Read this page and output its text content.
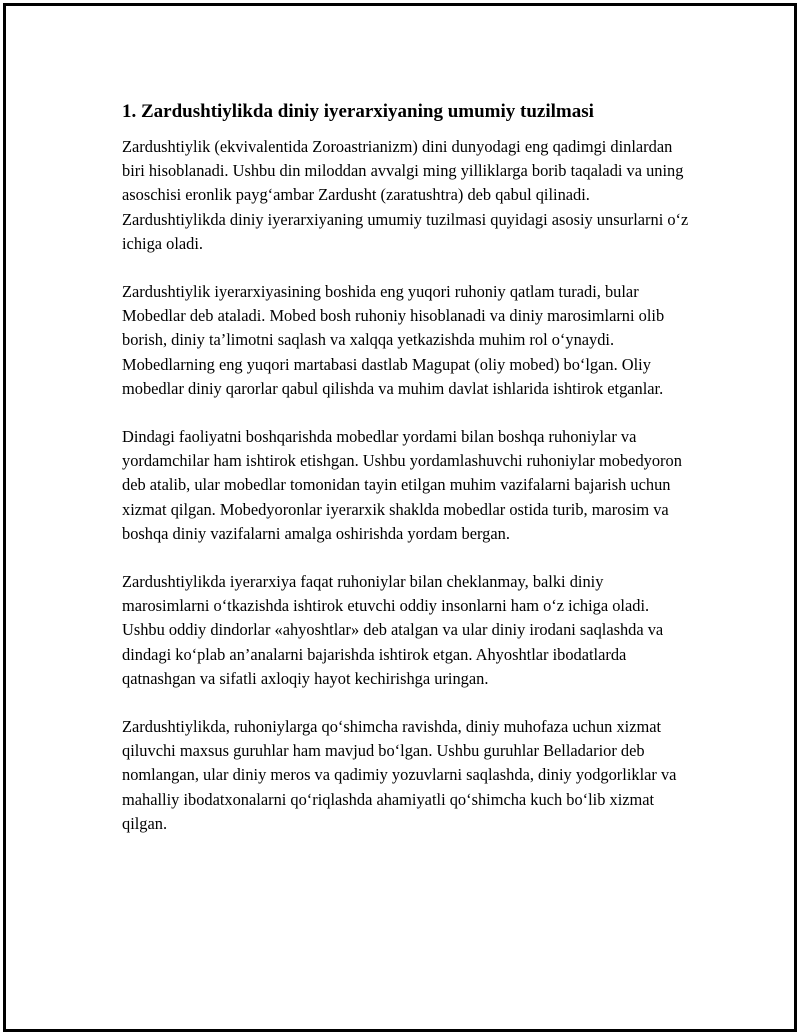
1. Zardushtiylikda diniy iyerarxiyaning umumiy tuzilmasi

Zardushtiylik (ekvivalentida Zoroastrianizm) dini dunyodagi eng qadimgi dinlardan biri hisoblanadi. Ushbu din miloddan avvalgi ming yilliklarga borib taqaladi va uning asoschisi eronlik payg‘ambar Zardusht (zaratushtra) deb qabul qilinadi. Zardushtiylikda diniy iyerarxiyaning umumiy tuzilmasi quyidagi asosiy unsurlarni o‘z ichiga oladi.

Zardushtiylik iyerarxiyasining boshida eng yuqori ruhoniy qatlam turadi, bular Mobedlar deb ataladi. Mobed bosh ruhoniy hisoblanadi va diniy marosimlarni olib borish, diniy ta’limotni saqlash va xalqqa yetkazishda muhim rol o‘ynaydi. Mobedlarning eng yuqori martabasi dastlab Magupat (oliy mobed) bo‘lgan. Oliy mobedlar diniy qarorlar qabul qilishda va muhim davlat ishlarida ishtirok etganlar.

Dindagi faoliyatni boshqarishda mobedlar yordami bilan boshqa ruhoniylar va yordamchilar ham ishtirok etishgan. Ushbu yordamlashuvchi ruhoniylar mobedyoron deb atalib, ular mobedlar tomonidan tayin etilgan muhim vazifalarni bajarish uchun xizmat qilgan. Mobedyoronlar iyerarxik shaklda mobedlar ostida turib, marosim va boshqa diniy vazifalarni amalga oshirishda yordam bergan.

Zardushtiylikda iyerarxiya faqat ruhoniylar bilan cheklanmay, balki diniy marosimlarni o‘tkazishda ishtirok etuvchi oddiy insonlarni ham o‘z ichiga oladi. Ushbu oddiy dindorlar «ahyoshtlar» deb atalgan va ular diniy irodani saqlashda va dindagi ko‘plab an’analarni bajarishda ishtirok etgan. Ahyoshtlar ibodatlarda qatnashgan va sifatli axloqiy hayot kechirishga uringan.

Zardushtiylikda, ruhoniylarga qo‘shimcha ravishda, diniy muhofaza uchun xizmat qiluvchi maxsus guruhlar ham mavjud bo‘lgan. Ushbu guruhlar Belladarior deb nomlangan, ular diniy meros va qadimiy yozuvlarni saqlashda, diniy yodgorliklar va mahalliy ibodatxonalarni qo‘riqlashda ahamiyatli qo‘shimcha kuch bo‘lib xizmat qilgan.
